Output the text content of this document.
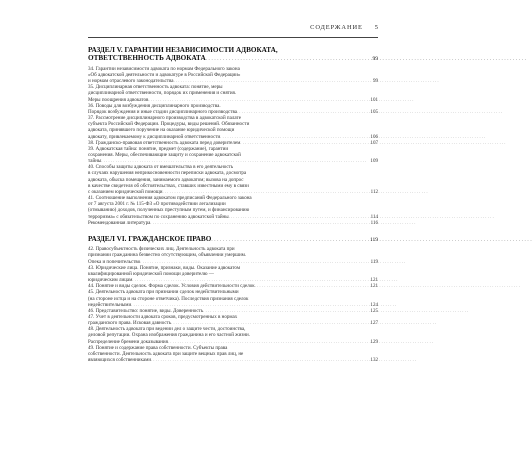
СОДЕРЖАНИЕ 5
РАЗДЕЛ V. ГАРАНТИИ НЕЗАВИСИМОСТИ АДВОКАТА,
ОТВЕТСТВЕННОСТЬ АДВОКАТА . . .	99
34. Гарантии независимости адвоката по нормам Федерального закона
«Об адвокатской деятельности и адвокатуре в Российской Федерации»
и нормам отраслевого законодательства . . .	99
35. Дисциплинарная ответственность адвоката: понятие, меры
дисциплинарной ответственности, порядок их применения и снятия.
Меры поощрения адвокатов . . .	101
36. Поводы для возбуждения дисциплинарного производства.
Порядок возбуждения и иные стадии дисциплинарного производства . . .	105
37. Рассмотрение дисциплинарного производства в адвокатской палате
субъекта Российской Федерации. Процедуры, виды решений. Обязанности
адвоката, принявшего поручение на оказание юридической помощи
адвокату, привлекаемому к дисциплинарной ответственности . . .	106
38. Гражданско-правовая ответственность адвоката перед доверителем . . .	107
39. Адвокатская тайна: понятие, предмет (содержание), гарантии
сохранения. Меры, обеспечивающие защиту и сохранение адвокатской
тайны . . .	109
40. Способы защиты адвоката от вмешательства в его деятельность
в случаях нарушения неприкосновенности переписки адвоката, досмотра
адвоката, обыска помещения, занимаемого адвокатом; вызова на допрос
в качестве свидетеля об обстоятельствах, ставших известными ему в связи
с оказанием юридической помощи . . .	112
41. Соотношение выполнения адвокатом предписаний Федерального закона
от 7 августа 2001 г. № 115-ФЗ «О противодействии легализации
(отмыванию) доходов, полученных преступным путем, и финансированию
терроризма» с обязательством по сохранению адвокатской тайны . . .	114
Рекомендованная литература . . .	116
РАЗДЕЛ VI. ГРАЖДАНСКОЕ ПРАВО . . .	119
42. Правосубъектность физических лиц. Деятельность адвоката при
признании гражданина безвестно отсутствующим, объявлении умершим.
Опека и попечительство . . .	119
43. Юридические лица. Понятие, признаки, виды. Оказание адвокатом
квалифицированной юридической помощи доверителю —
юридическим лицам . . .	121
44. Понятие и виды сделок. Форма сделок. Условия действительности сделок . . .	121
45. Деятельность адвоката при признании сделок недействительными
(на стороне истца и на стороне ответчика). Последствия признания сделок
недействительными . . .	124
46. Представительство: понятие, виды. Доверенность . . .	125
47. Учет в деятельности адвоката сроков, предусмотренных в нормах
гражданского права. Исковая давность . . .	127
48. Деятельность адвоката при ведении дел о защите чести, достоинства,
деловой репутации. Охрана изображения гражданина и его частной жизни.
Распределение бремени доказывания . . .	129
49. Понятие и содержание права собственности. Субъекты права
собственности. Деятельность адвоката при защите вещных прав лиц, не
являющихся собственниками . . .	132
